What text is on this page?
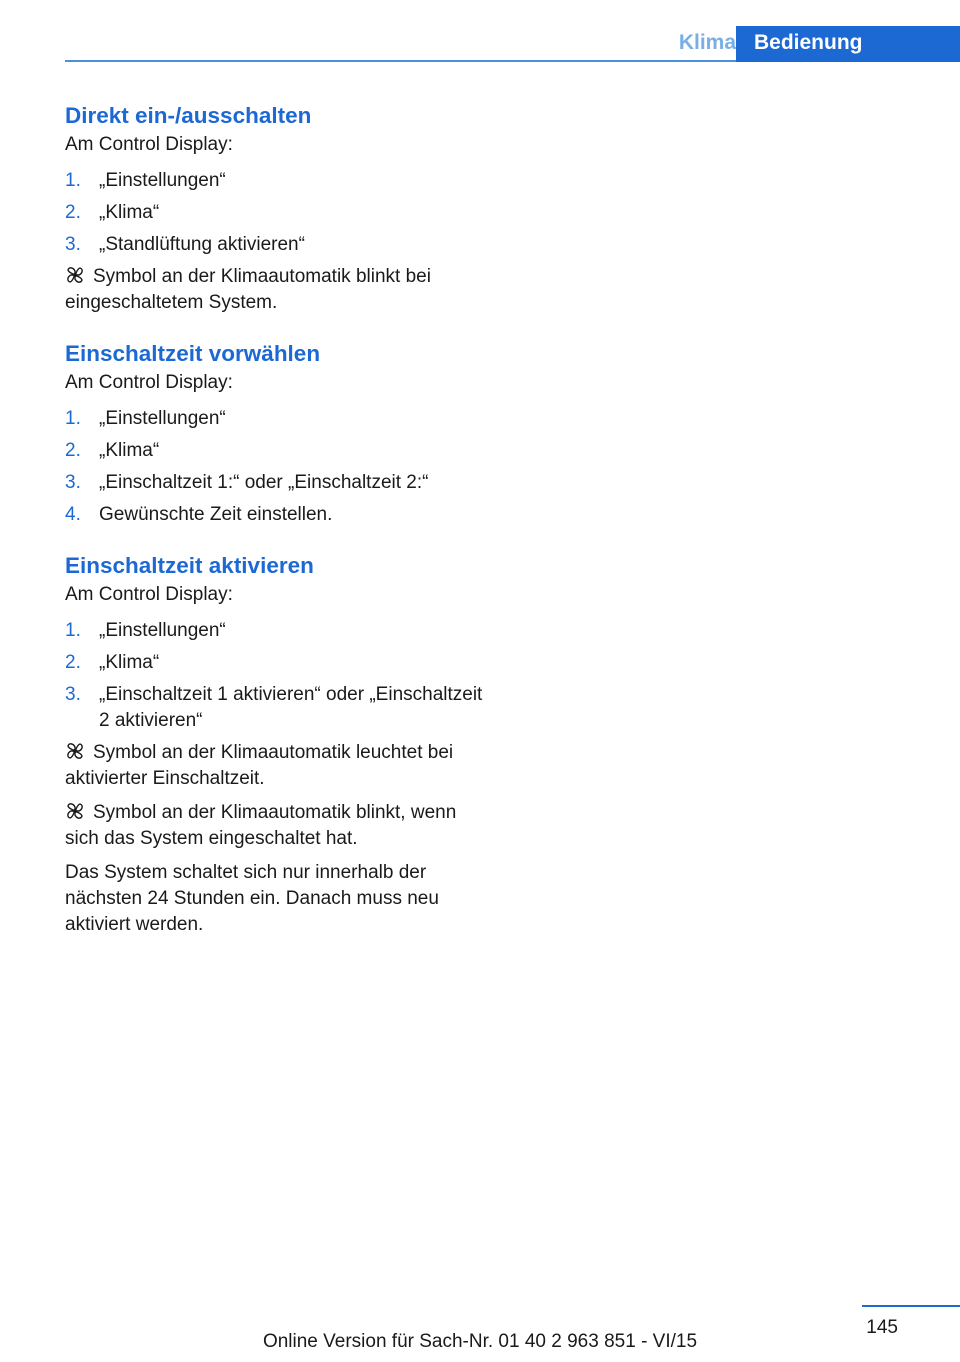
Klima Bedienung
Direkt ein-/ausschalten

Am Control Display:

1. „Einstellungen“
2. „Klima“
3. „Standlüftung aktivieren“

Symbol an der Klimaautomatik blinkt bei eingeschaltetem System.

Einschaltzeit vorwählen

Am Control Display:

1. „Einstellungen“
2. „Klima“
3. „Einschaltzeit 1:“ oder „Einschaltzeit 2:“
4. Gewünschte Zeit einstellen.
Einschaltzeit aktivieren

Am Control Display:

1. „Einstellungen“
2. „Klima“
3. „Einschaltzeit 1 aktivieren“ oder „Einschaltzeit 2 aktivieren“

Symbol an der Klimaautomatik leuchtet bei aktivierter Einschaltzeit.

Symbol an der Klimaautomatik blinkt, wenn sich das System eingeschaltet hat.

Das System schaltet sich nur innerhalb der nächsten 24 Stunden ein. Danach muss neu aktiviert werden.

145
Online Version für Sach-Nr. 01 40 2 963 851 - VI/15
